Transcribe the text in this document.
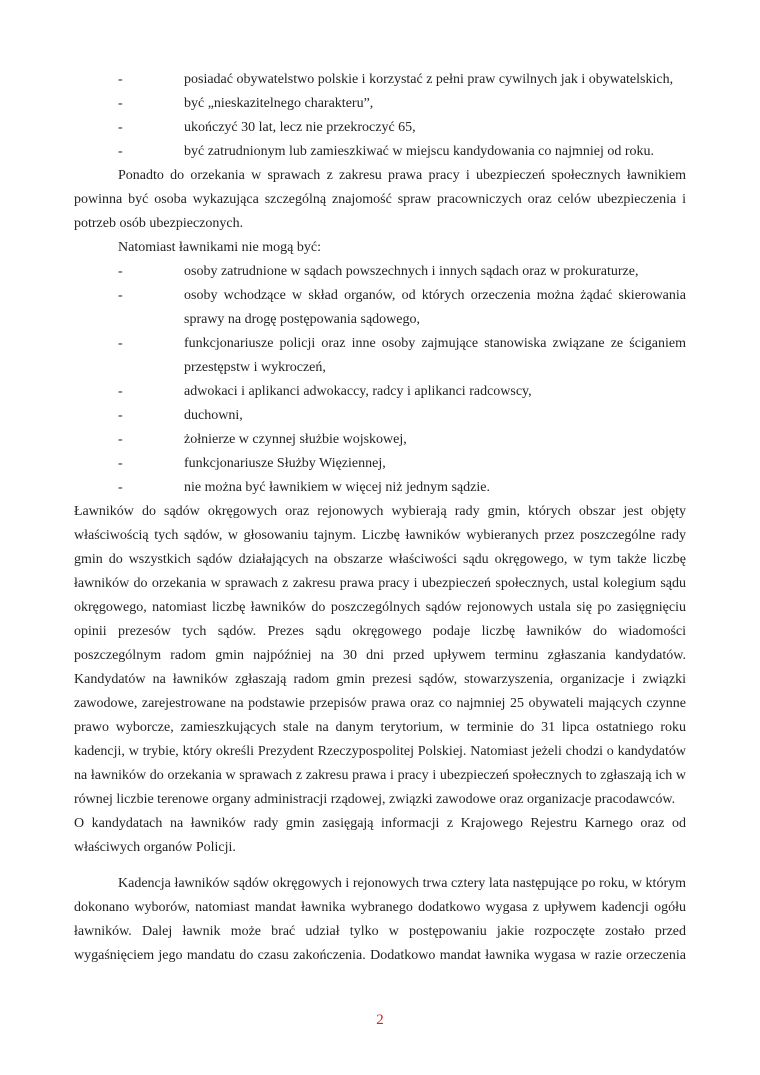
-	posiadać obywatelstwo polskie i korzystać z pełni praw cywilnych jak i obywatelskich,
-	być „nieskazitelnego charakteru”,
-	ukończyć 30 lat, lecz nie przekroczyć 65,
-	być zatrudnionym lub zamieszkiwać w miejscu kandydowania co najmniej od roku.
Ponadto do orzekania w sprawach z zakresu prawa pracy i ubezpieczeń społecznych ławnikiem
powinna być osoba wykazująca szczególną znajomość spraw pracowniczych oraz celów ubezpieczenia i
potrzeb osób ubezpieczonych.
Natomiast ławnikami nie mogą być:
-	osoby zatrudnione w sądach powszechnych i innych sądach oraz w prokuraturze,
-	osoby wchodzące w skład organów, od których orzeczenia można żądać skierowania
sprawy na drogę postępowania sądowego,
-	funkcjonariusze policji oraz inne osoby zajmujące stanowiska związane ze ściganiem
przestępstw i wykroczeń,
-	adwokaci i aplikanci adwokaccy, radcy i aplikanci radcowscy,
-	duchowni,
-	żołnierze w czynnej służbie wojskowej,
-	funkcjonariusze Służby Więziennej,
-	nie można być ławnikiem w więcej niż jednym sądzie.
Ławników do sądów okręgowych oraz rejonowych wybierają rady gmin, których obszar jest objęty
właściwością tych sądów, w głosowaniu tajnym. Liczbę ławników wybieranych przez poszczególne rady
gmin do wszystkich sądów działających na obszarze właściwości sądu okręgowego, w tym także liczbę
ławników do orzekania w sprawach z zakresu prawa pracy i ubezpieczeń społecznych, ustal kolegium sądu
okręgowego, natomiast liczbę ławników do poszczególnych sądów rejonowych ustala się po zasięgnięciu
opinii prezesów tych sądów. Prezes sądu okręgowego podaje liczbę ławników do wiadomości
poszczególnym radom gmin najpóźniej na 30 dni przed upływem terminu zgłaszania kandydatów.
Kandydatów na ławników zgłaszają radom gmin prezesi sądów, stowarzyszenia, organizacje i związki
zawodowe, zarejestrowane na podstawie przepisów prawa oraz co najmniej 25 obywateli mających czynne
prawo wyborcze, zamieszkujących stale na danym terytorium, w terminie do 31 lipca ostatniego roku
kadencji, w trybie, który określi Prezydent Rzeczypospolitej Polskiej. Natomiast jeżeli chodzi o kandydatów
na ławników do orzekania w sprawach z zakresu prawa i pracy i ubezpieczeń społecznych to zgłaszają ich w
równej liczbie terenowe organy administracji rządowej, związki zawodowe oraz organizacje pracodawców.
O kandydatach na ławników rady gmin zasięgają informacji z Krajowego Rejestru Karnego oraz od
właściwych organów Policji.
Kadencja ławników sądów okręgowych i rejonowych trwa cztery lata następujące po roku, w którym
dokonano wyborów, natomiast mandat ławnika wybranego dodatkowo wygasa z upływem kadencji ogółu
ławników. Dalej ławnik może brać udział tylko w postępowaniu jakie rozpoczęte zostało przed
wygaśnięciem jego mandatu do czasu zakończenia. Dodatkowo mandat ławnika wygasa w razie orzeczenia
2
